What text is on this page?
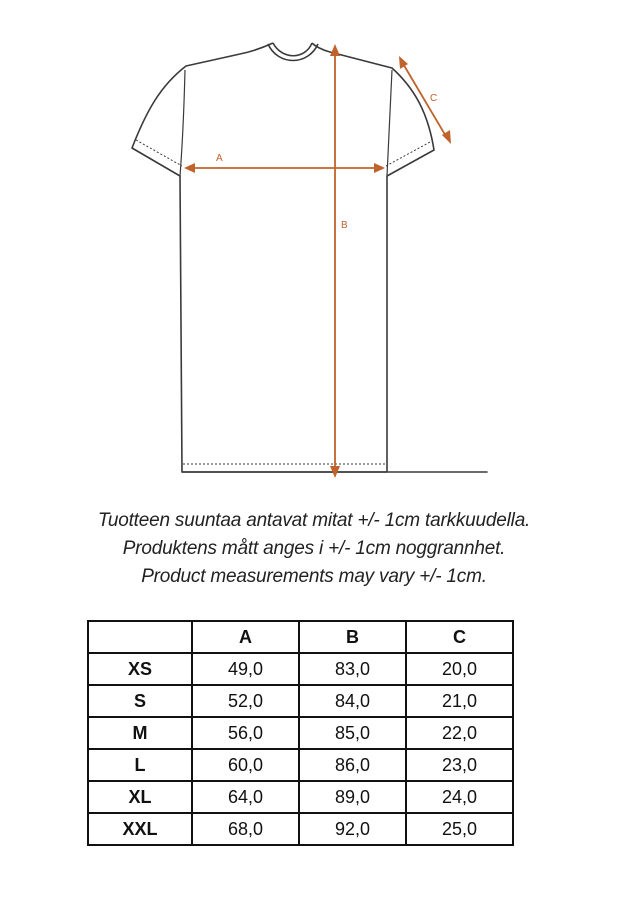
A
B
C
Tuotteen suuntaa antavat mitat +/- 1cm tarkkuudella.
Produktens mått anges i +/- 1cm noggrannhet.
Product measurements may vary +/- 1cm.
	A	B	C
XS	49,0	83,0	20,0
S	52,0	84,0	21,0
M	56,0	85,0	22,0
L	60,0	86,0	23,0
XL	64,0	89,0	24,0
XXL	68,0	92,0	25,0
